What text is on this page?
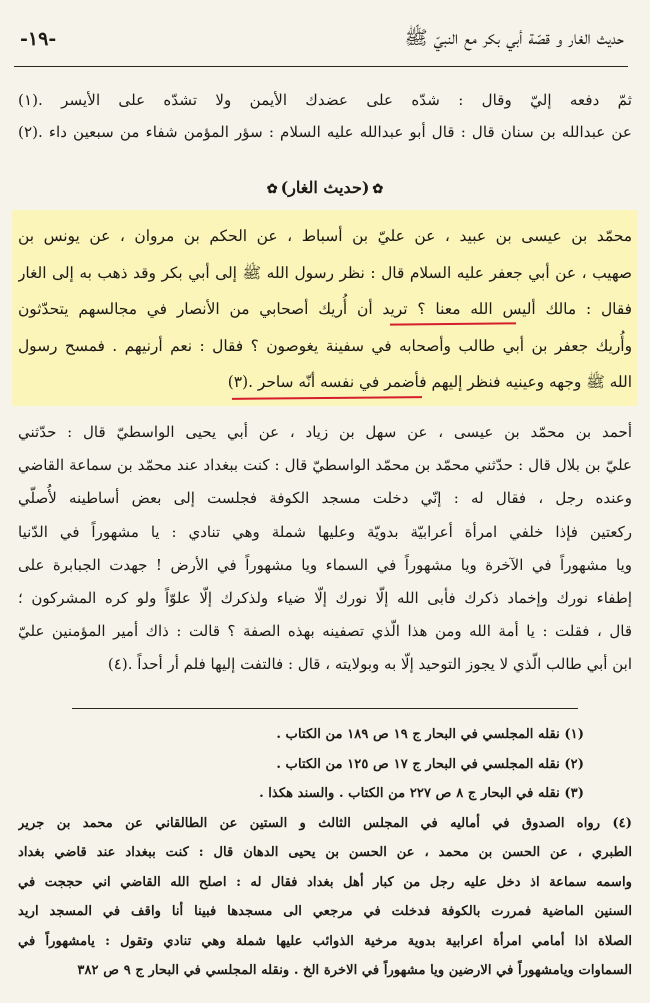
-١٩-	حديث الغار و قصّة أبي بكر مع النبيّ ﷺ
ثمّ دفعه إليّ وقال : شدّه على عضدك الأيمن ولا تشدّه على الأيسر .(١)
عن عبدالله بن سنان قال : قال أبو عبدالله عليه السلام : سؤر المؤمن شفاء من سبعين داء .(٢)
✿(حديث الغار)✿
محمّد بن عيسى بن عبيد ، عن عليّ بن أسباط ، عن الحكم بن مروان ، عن يونس بن
صهيب ، عن أبي جعفر عليه السلام قال : نظر رسول الله ﷺ إلى أبي بكر وقد ذهب به إلى الغار
فقال : مالك أليس الله معنا ؟ تريد أن أُريك أصحابي من الأنصار في مجالسهم يتحدّثون
وأُريك جعفر بن أبي طالب وأصحابه في سفينة يغوصون ؟ فقال : نعم أرنيهم . فمسح رسول
الله ﷺ وجهه وعينيه فنظر إليهم فأضمر في نفسه أنّه ساحر .(٣)
أحمد بن محمّد بن عيسى ، عن سهل بن زياد ، عن أبي يحيى الواسطيّ قال : حدّثني
عليّ بن بلال قال : حدّثني محمّد بن محمّد الواسطيّ قال : كنت ببغداد عند محمّد بن سماعة القاضي
وعنده رجل ، فقال له : إنّي دخلت مسجد الكوفة فجلست إلى بعض أساطينه لأُصلّي
ركعتين فإذا خلفي امرأة أعرابيّة بدويّة وعليها شملة وهي تنادي : يا مشهوراً في الدّنيا
ويا مشهوراً في الآخرة ويا مشهوراً في السماء ويا مشهوراً في الأرض ! جهدت الجبابرة على
إطفاء نورك وإخماد ذكرك فأبى الله إلّا نورك إلّا ضياء ولذكرك إلّا علوّاً ولو كره المشركون ؛
قال ، فقلت : يا أمة الله ومن هذا الّذي تصفينه بهذه الصفة ؟ قالت : ذاك أمير المؤمنين عليّ
ابن أبي طالب الّذي لا يجوز التوحيد إلّا به وبولايته ، قال : فالتفت إليها فلم أر أحداً .(٤)
(١) نقله المجلسي في البحار ج ١٩ ص ١٨٩ من الكتاب .
(٢) نقله المجلسي في البحار ج ١٧ ص ١٢٥ من الكتاب .
(٣) نقله في البحار ج ٨ ص ٢٢٧ من الكتاب . والسند هكذا .
(٤) رواه الصدوق في أماليه في المجلس الثالث و الستين عن الطالقاني عن محمد بن جرير
الطبري ، عن الحسن بن محمد ، عن الحسن بن يحيى الدهان قال : كنت ببغداد عند قاضي بغداد
واسمه سماعة اذ دخل عليه رجل من كبار أهل بغداد فقال له : اصلح الله القاضي اني حججت في
السنين الماضية فمررت بالكوفة فدخلت في مرجعي الى مسجدها فبينا أنا واقف في المسجد اريد
الصلاة اذا أمامي امرأة اعرابية بدوية مرخية الذوائب عليها شملة وهي تنادي وتقول : يامشهوراً في
السماوات ويامشهوراً في الارضين ويا مشهوراً في الاخرة الخ . ونقله المجلسي في البحار ج ٩ ص ٣٨٢
